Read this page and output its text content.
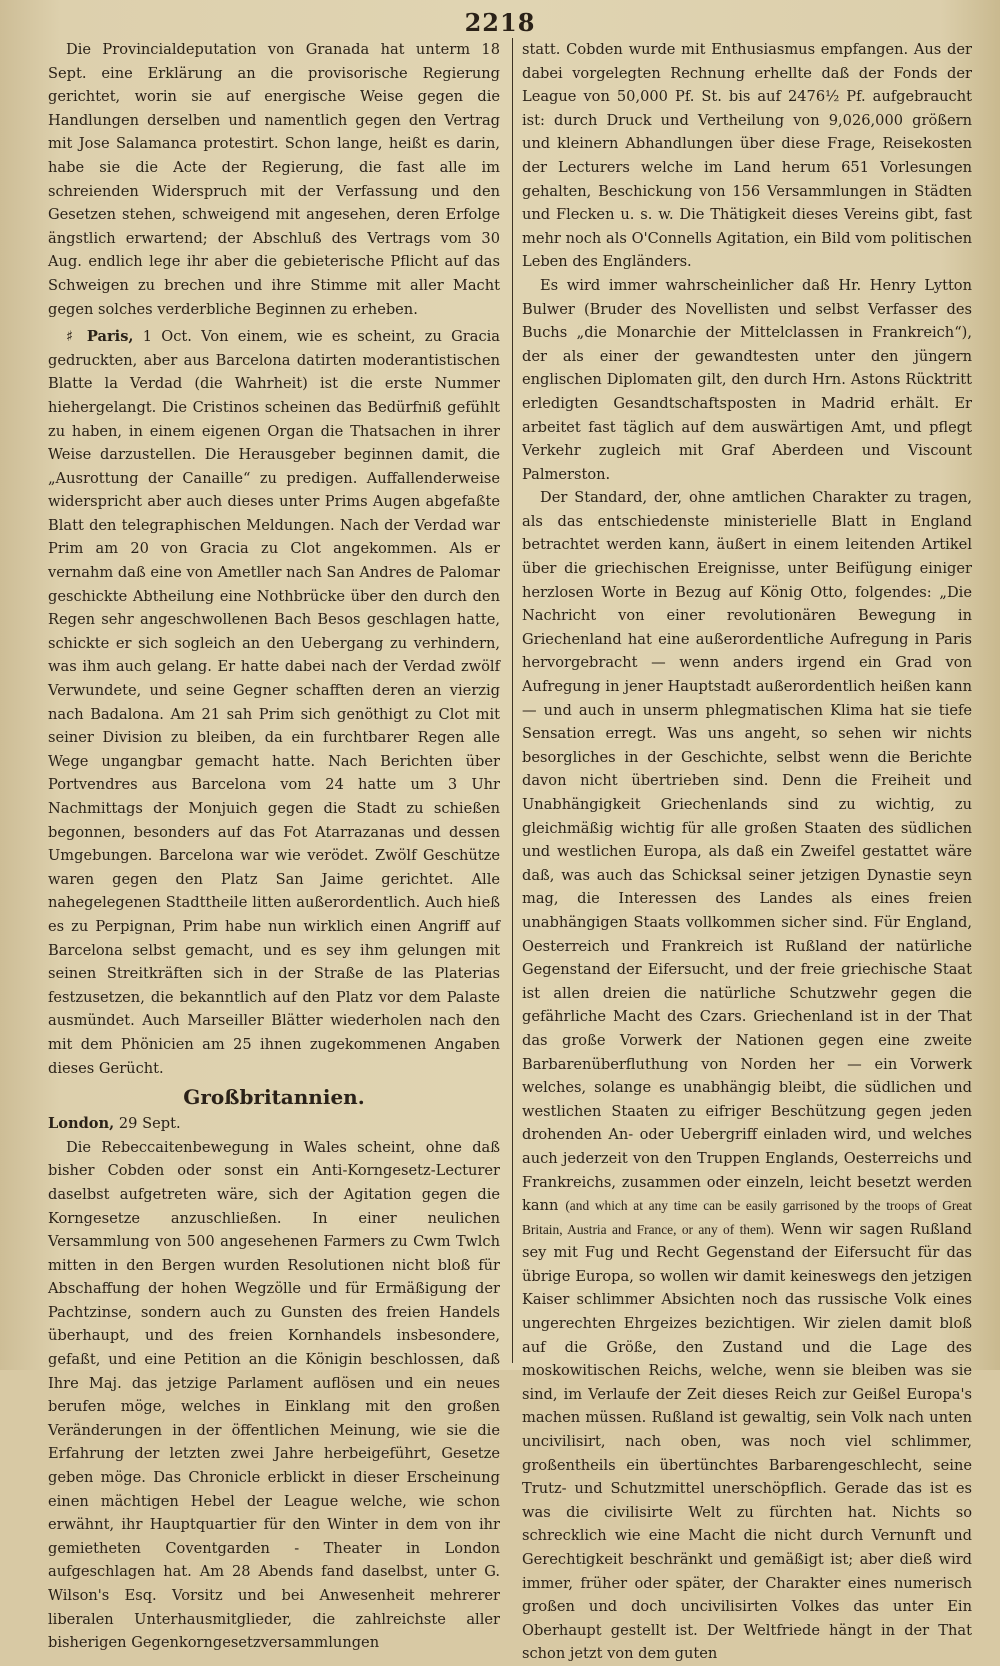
2218

Die Provincialdeputation von Granada hat unterm 18 Sept. eine Erklärung an die provisorische Regierung gerichtet, worin sie auf energische Weise gegen die Handlungen derselben und namentlich gegen den Vertrag mit Jose Salamanca protestirt. Schon lange, heißt es darin, habe sie die Acte der Regierung, die fast alle im schreienden Widerspruch mit der Verfassung und den Gesetzen stehen, schweigend mit angesehen, deren Erfolge ängstlich erwartend; der Abschluß des Vertrags vom 30 Aug. endlich lege ihr aber die gebieterische Pflicht auf das Schweigen zu brechen und ihre Stimme mit aller Macht gegen solches verderbliche Beginnen zu erheben.

♯ Paris, 1 Oct. Von einem, wie es scheint, zu Gracia gedruckten, aber aus Barcelona datirten moderantistischen Blatte la Verdad (die Wahrheit) ist die erste Nummer hiehergelangt. Die Cristinos scheinen das Bedürfniß gefühlt zu haben, in einem eigenen Organ die Thatsachen in ihrer Weise darzustellen. Die Herausgeber beginnen damit, die „Ausrottung der Canaille“ zu predigen. Auffallenderweise widerspricht aber auch dieses unter Prims Augen abgefaßte Blatt den telegraphischen Meldungen. Nach der Verdad war Prim am 20 von Gracia zu Clot angekommen. Als er vernahm daß eine von Ametller nach San Andres de Palomar geschickte Abtheilung eine Nothbrücke über den durch den Regen sehr angeschwollenen Bach Besos geschlagen hatte, schickte er sich sogleich an den Uebergang zu verhindern, was ihm auch gelang. Er hatte dabei nach der Verdad zwölf Verwundete, und seine Gegner schafften deren an vierzig nach Badalona. Am 21 sah Prim sich genöthigt zu Clot mit seiner Division zu bleiben, da ein furchtbarer Regen alle Wege ungangbar gemacht hatte. Nach Berichten über Portvendres aus Barcelona vom 24 hatte um 3 Uhr Nachmittags der Monjuich gegen die Stadt zu schießen begonnen, besonders auf das Fot Atarrazanas und dessen Umgebungen. Barcelona war wie verödet. Zwölf Geschütze waren gegen den Platz San Jaime gerichtet. Alle nahegelegenen Stadttheile litten außerordentlich. Auch hieß es zu Perpignan, Prim habe nun wirklich einen Angriff auf Barcelona selbst gemacht, und es sey ihm gelungen mit seinen Streitkräften sich in der Straße de las Platerias festzusetzen, die bekanntlich auf den Platz vor dem Palaste ausmündet. Auch Marseiller Blätter wiederholen nach den mit dem Phönicien am 25 ihnen zugekommenen Angaben dieses Gerücht.

Großbritannien.

London, 29 Sept.

Die Rebeccaitenbewegung in Wales scheint, ohne daß bisher Cobden oder sonst ein Anti-Korngesetz-Lecturer daselbst aufgetreten wäre, sich der Agitation gegen die Korngesetze anzuschließen. In einer neulichen Versammlung von 500 angesehenen Farmers zu Cwm Twlch mitten in den Bergen wurden Resolutionen nicht bloß für Abschaffung der hohen Wegzölle und für Ermäßigung der Pachtzinse, sondern auch zu Gunsten des freien Handels überhaupt, und des freien Kornhandels insbesondere, gefaßt, und eine Petition an die Königin beschlossen, daß Ihre Maj. das jetzige Parlament auflösen und ein neues berufen möge, welches in Einklang mit den großen Veränderungen in der öffentlichen Meinung, wie sie die Erfahrung der letzten zwei Jahre herbeigeführt, Gesetze geben möge. Das Chronicle erblickt in dieser Erscheinung einen mächtigen Hebel der League welche, wie schon erwähnt, ihr Hauptquartier für den Winter in dem von ihr gemietheten Coventgarden - Theater in London aufgeschlagen hat. Am 28 Abends fand daselbst, unter G. Wilson's Esq. Vorsitz und bei Anwesenheit mehrerer liberalen Unterhausmitglieder, die zahlreichste aller bisherigen Gegenkorngesetzversammlungen

statt. Cobden wurde mit Enthusiasmus empfangen. Aus der dabei vorgelegten Rechnung erhellte daß der Fonds der League von 50,000 Pf. St. bis auf 2476½ Pf. aufgebraucht ist: durch Druck und Vertheilung von 9,026,000 größern und kleinern Abhandlungen über diese Frage, Reisekosten der Lecturers welche im Land herum 651 Vorlesungen gehalten, Beschickung von 156 Versammlungen in Städten und Flecken u. s. w. Die Thätigkeit dieses Vereins gibt, fast mehr noch als O'Connells Agitation, ein Bild vom politischen Leben des Engländers.

Es wird immer wahrscheinlicher daß Hr. Henry Lytton Bulwer (Bruder des Novellisten und selbst Verfasser des Buchs „die Monarchie der Mittelclassen in Frankreich“), der als einer der gewandtesten unter den jüngern englischen Diplomaten gilt, den durch Hrn. Astons Rücktritt erledigten Gesandtschaftsposten in Madrid erhält. Er arbeitet fast täglich auf dem auswärtigen Amt, und pflegt Verkehr zugleich mit Graf Aberdeen und Viscount Palmerston.

Der Standard, der, ohne amtlichen Charakter zu tragen, als das entschiedenste ministerielle Blatt in England betrachtet werden kann, äußert in einem leitenden Artikel über die griechischen Ereignisse, unter Beifügung einiger herzlosen Worte in Bezug auf König Otto, folgendes: „Die Nachricht von einer revolutionären Bewegung in Griechenland hat eine außerordentliche Aufregung in Paris hervorgebracht — wenn anders irgend ein Grad von Aufregung in jener Hauptstadt außerordentlich heißen kann — und auch in unserm phlegmatischen Klima hat sie tiefe Sensation erregt. Was uns angeht, so sehen wir nichts besorgliches in der Geschichte, selbst wenn die Berichte davon nicht übertrieben sind. Denn die Freiheit und Unabhängigkeit Griechenlands sind zu wichtig, zu gleichmäßig wichtig für alle großen Staaten des südlichen und westlichen Europa, als daß ein Zweifel gestattet wäre daß, was auch das Schicksal seiner jetzigen Dynastie seyn mag, die Interessen des Landes als eines freien unabhängigen Staats vollkommen sicher sind. Für England, Oesterreich und Frankreich ist Rußland der natürliche Gegenstand der Eifersucht, und der freie griechische Staat ist allen dreien die natürliche Schutzwehr gegen die gefährliche Macht des Czars. Griechenland ist in der That das große Vorwerk der Nationen gegen eine zweite Barbarenüberfluthung von Norden her — ein Vorwerk welches, solange es unabhängig bleibt, die südlichen und westlichen Staaten zu eifriger Beschützung gegen jeden drohenden An- oder Uebergriff einladen wird, und welches auch jederzeit von den Truppen Englands, Oesterreichs und Frankreichs, zusammen oder einzeln, leicht besetzt werden kann (and which at any time can be easily garrisoned by the troops of Great Britain, Austria and France, or any of them). Wenn wir sagen Rußland sey mit Fug und Recht Gegenstand der Eifersucht für das übrige Europa, so wollen wir damit keineswegs den jetzigen Kaiser schlimmer Absichten noch das russische Volk eines ungerechten Ehrgeizes bezichtigen. Wir zielen damit bloß auf die Größe, den Zustand und die Lage des moskowitischen Reichs, welche, wenn sie bleiben was sie sind, im Verlaufe der Zeit dieses Reich zur Geißel Europa's machen müssen. Rußland ist gewaltig, sein Volk nach unten uncivilisirt, nach oben, was noch viel schlimmer, großentheils ein übertünchtes Barbarengeschlecht, seine Trutz- und Schutzmittel unerschöpflich. Gerade das ist es was die civilisirte Welt zu fürchten hat. Nichts so schrecklich wie eine Macht die nicht durch Vernunft und Gerechtigkeit beschränkt und gemäßigt ist; aber dieß wird immer, früher oder später, der Charakter eines numerisch großen und doch uncivilisirten Volkes das unter Ein Oberhaupt gestellt ist. Der Weltfriede hängt in der That schon jetzt von dem guten
